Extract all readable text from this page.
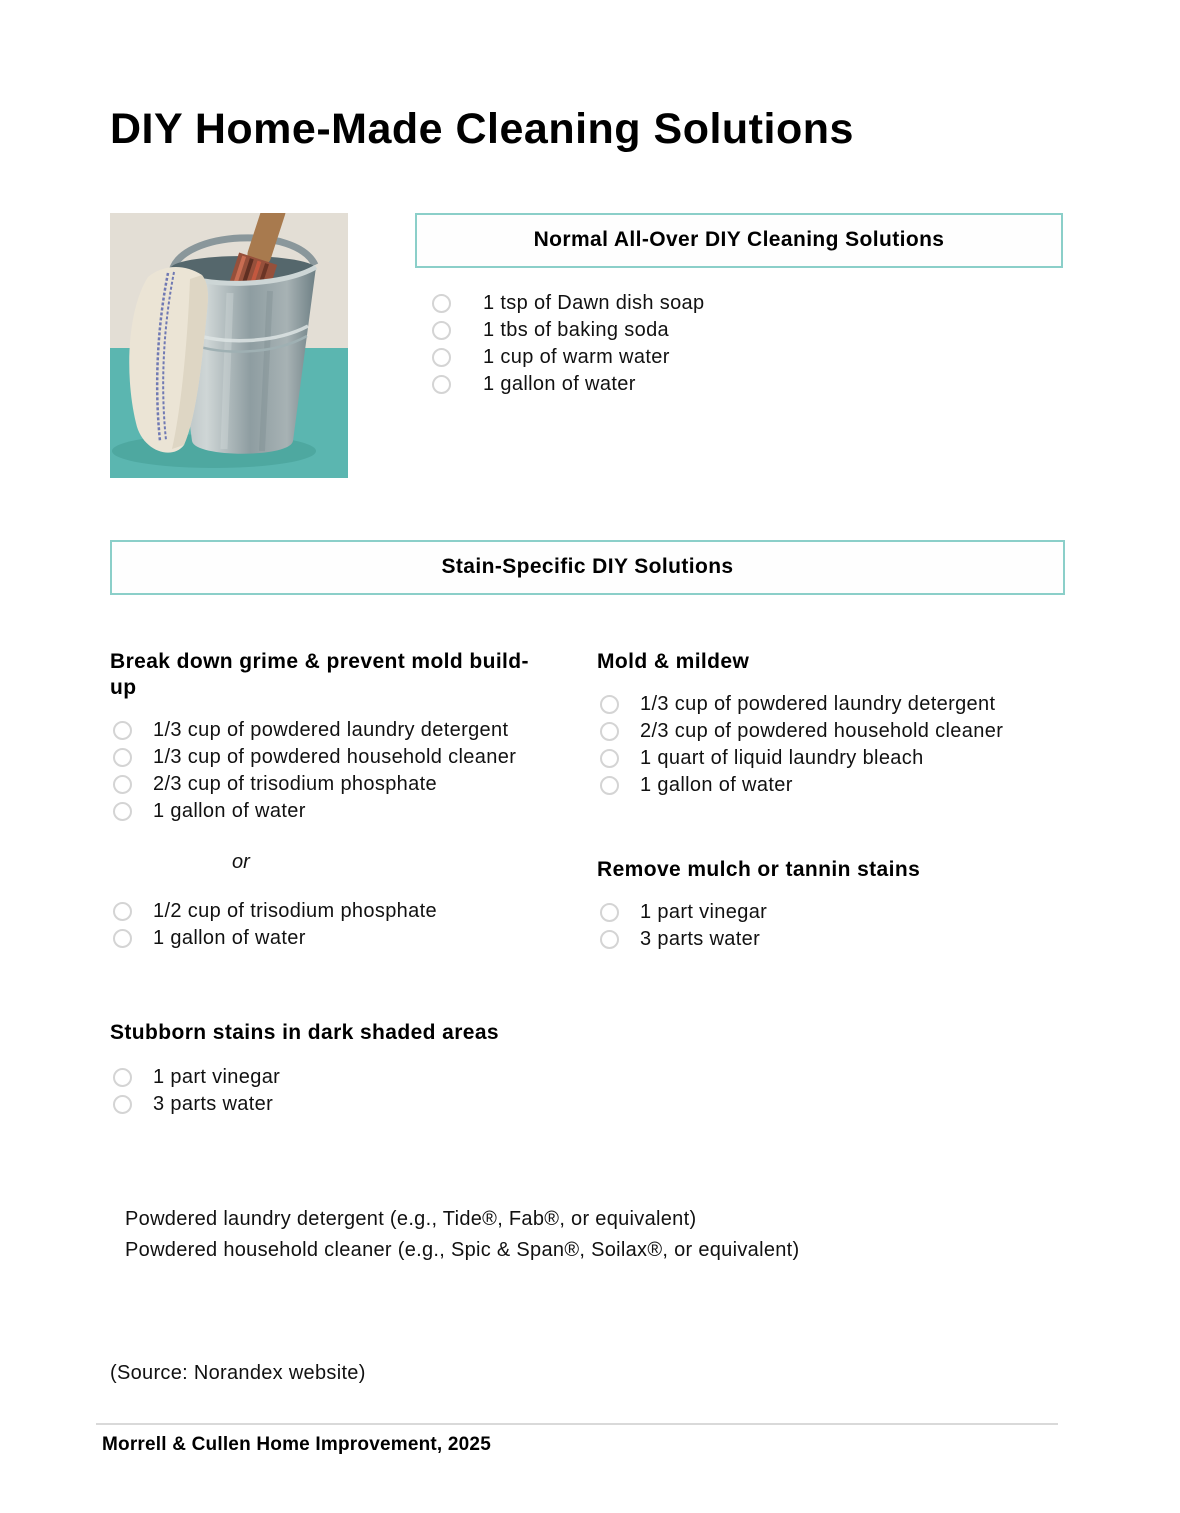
DIY Home-Made Cleaning Solutions
Normal All-Over DIY Cleaning Solutions
1 tsp of Dawn dish soap
1 tbs of baking soda
1 cup of warm water
1 gallon of water
Stain-Specific DIY Solutions
Break down grime & prevent mold build-up
1/3 cup of powdered laundry detergent
1/3 cup of powdered household cleaner
2/3 cup of trisodium phosphate
1 gallon of water
or
1/2 cup of trisodium phosphate
1 gallon of water
Stubborn stains in dark shaded areas
1 part vinegar
3 parts water
Mold & mildew
1/3 cup of powdered laundry detergent
2/3 cup of powdered household cleaner
1 quart of liquid laundry bleach
1 gallon of water
Remove mulch or tannin stains
1 part vinegar
3 parts water
Powdered laundry detergent (e.g., Tide®, Fab®, or equivalent)
Powdered household cleaner (e.g., Spic & Span®, Soilax®, or equivalent)
(Source: Norandex website)
Morrell & Cullen Home Improvement, 2025
